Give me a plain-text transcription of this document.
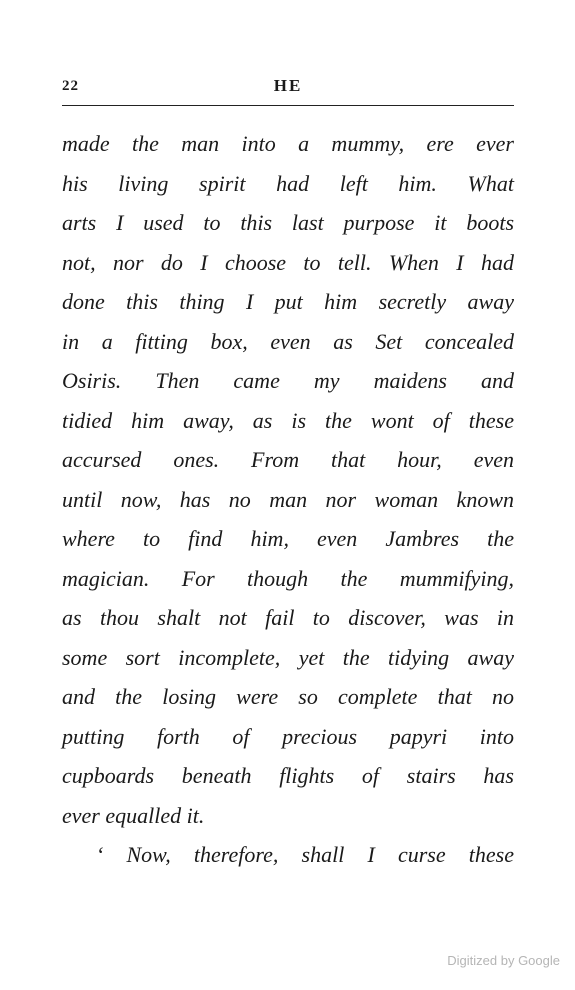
22	HE
made the man into a mummy, ere ever
his living spirit had left him. What
arts I used to this last purpose it boots
not, nor do I choose to tell. When I had
done this thing I put him secretly away
in a fitting box, even as Set concealed
Osiris. Then came my maidens and
tidied him away, as is the wont of these
accursed ones. From that hour, even
until now, has no man nor woman known
where to find him, even Jambres the
magician. For though the mummifying,
as thou shalt not fail to discover, was in
some sort incomplete, yet the tidying away
and the losing were so complete that no
putting forth of precious papyri into
cupboards beneath flights of stairs has
ever equalled it.
‘ Now, therefore, shall I curse these
Digitized by Google
